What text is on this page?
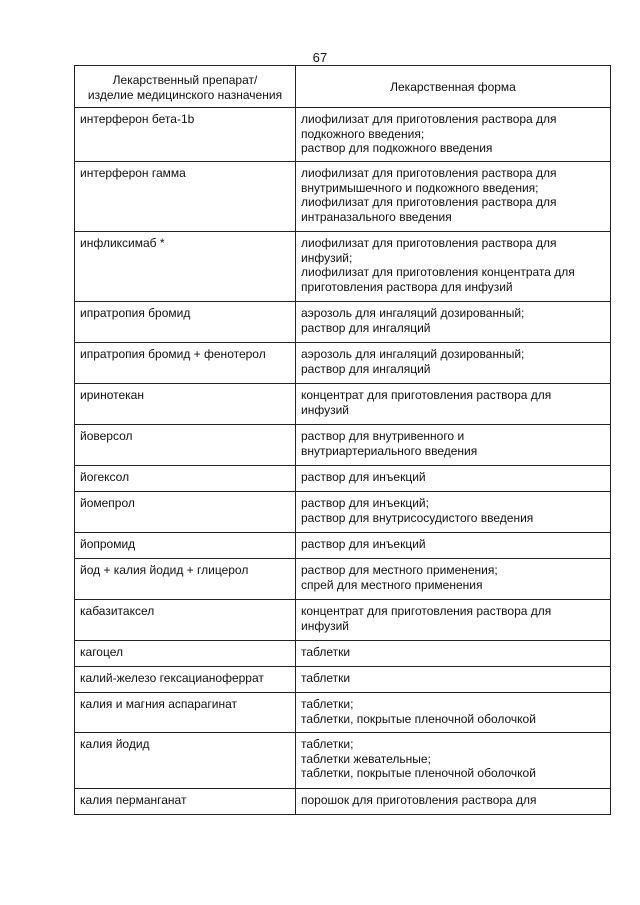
67
Лекарственный препарат/
изделие медицинского назначения	Лекарственная форма

интерферон бета-1b	лиофилизат для приготовления раствора для
подкожного введения;
раствор для подкожного введения

интерферон гамма	лиофилизат для приготовления раствора для
внутримышечного и подкожного введения;
лиофилизат для приготовления раствора для
интраназального введения

инфликсимаб *	лиофилизат для приготовления раствора для
инфузий;
лиофилизат для приготовления концентрата для
приготовления раствора для инфузий

ипратропия бромид	аэрозоль для ингаляций дозированный;
раствор для ингаляций

ипратропия бромид + фенотерол	аэрозоль для ингаляций дозированный;
раствор для ингаляций

иринотекан	концентрат для приготовления раствора для
инфузий

йоверсол	раствор для внутривенного и
внутриартериального введения

йогексол	раствор для инъекций

йомепрол	раствор для инъекций;
раствор для внутрисосудистого введения

йопромид	раствор для инъекций

йод + калия йодид + глицерол	раствор для местного применения;
спрей для местного применения

кабазитаксел	концентрат для приготовления раствора для
инфузий

кагоцел	таблетки

калий-железо гексацианоферрат	таблетки

калия и магния аспарагинат	таблетки;
таблетки, покрытые пленочной оболочкой

калия йодид	таблетки;
таблетки жевательные;
таблетки, покрытые пленочной оболочкой

калия перманганат	порошок для приготовления раствора для
